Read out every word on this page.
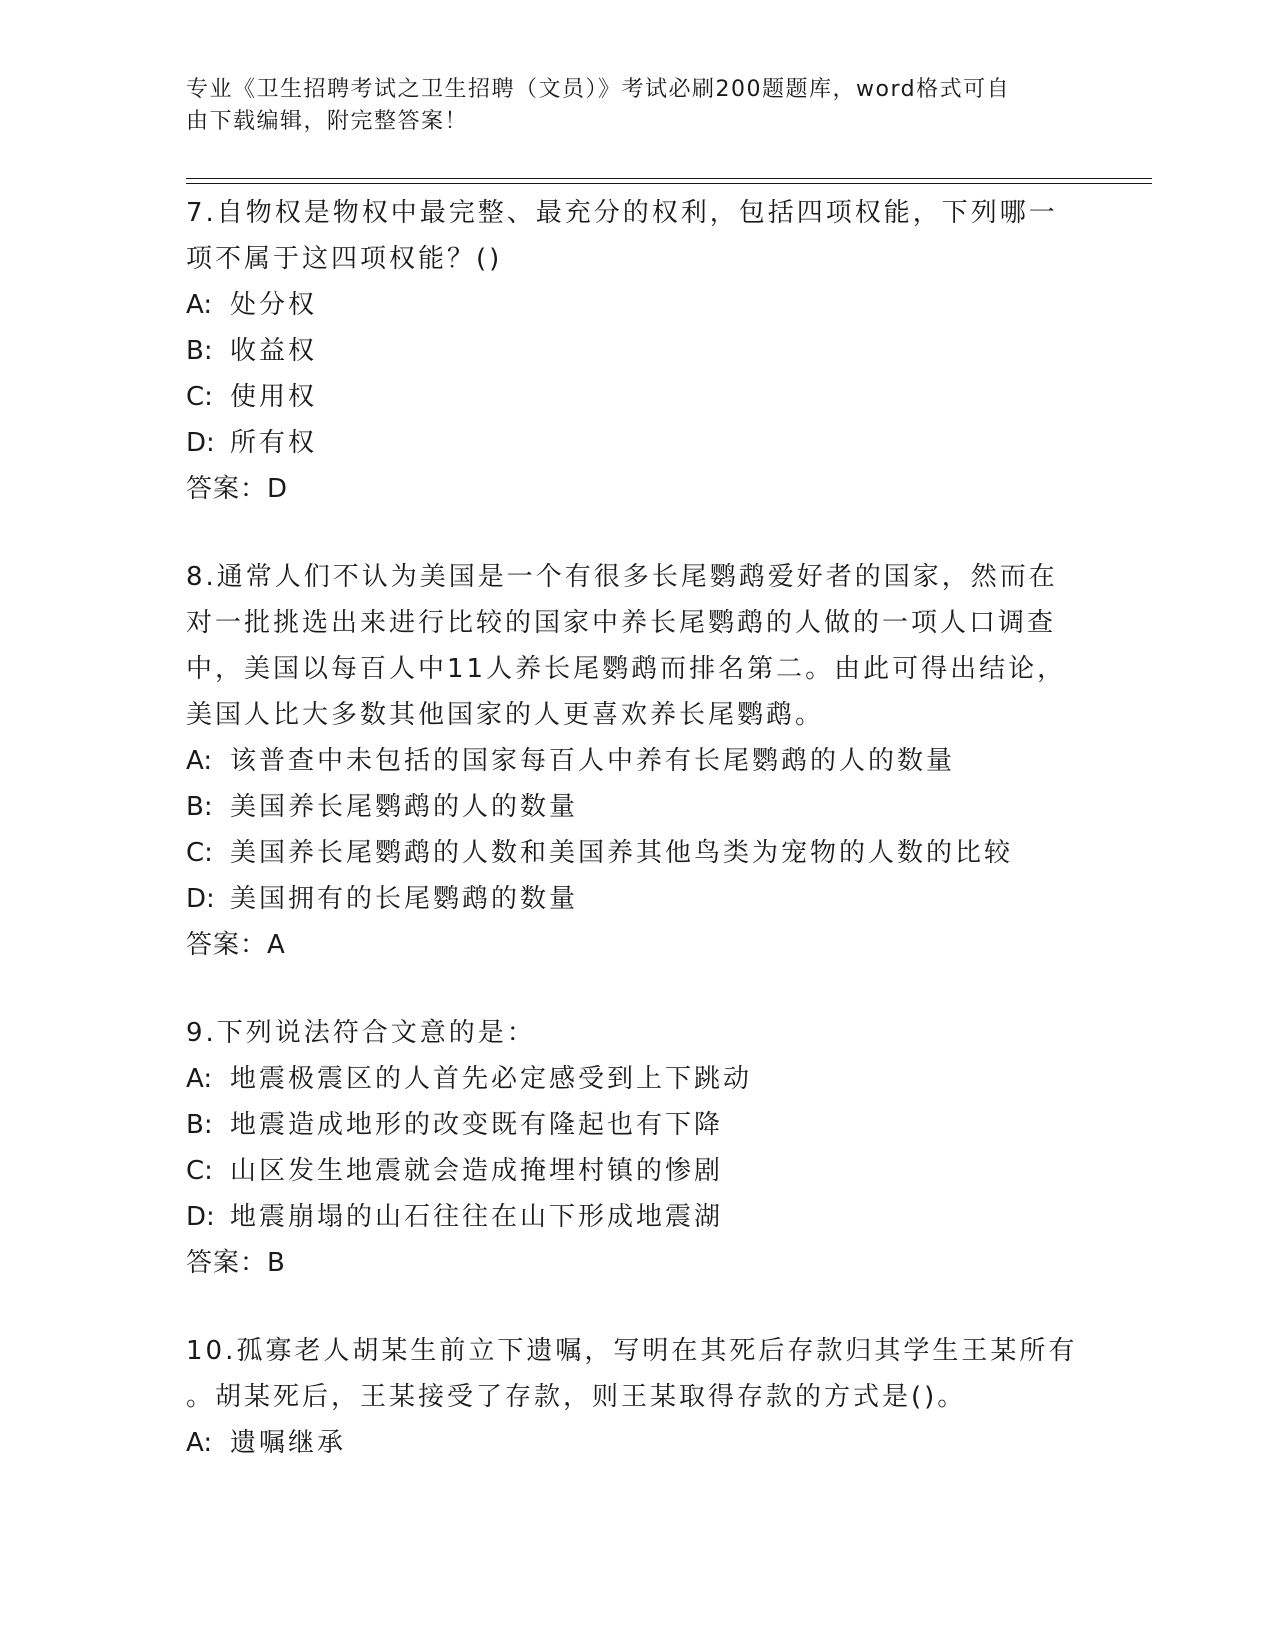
专业《卫生招聘考试之卫生招聘（文员）》考试必刷200题题库，word格式可自
由下载编辑，附完整答案！
7.自物权是物权中最完整、最充分的权利，包括四项权能，下列哪一
项不属于这四项权能？()
A: 处分权
B: 收益权
C: 使用权
D: 所有权
答案：D
8.通常人们不认为美国是一个有很多长尾鹦鹉爱好者的国家，然而在
对一批挑选出来进行比较的国家中养长尾鹦鹉的人做的一项人口调查
中，美国以每百人中11人养长尾鹦鹉而排名第二。由此可得出结论，
美国人比大多数其他国家的人更喜欢养长尾鹦鹉。
A: 该普查中未包括的国家每百人中养有长尾鹦鹉的人的数量
B: 美国养长尾鹦鹉的人的数量
C: 美国养长尾鹦鹉的人数和美国养其他鸟类为宠物的人数的比较
D: 美国拥有的长尾鹦鹉的数量
答案：A
9.下列说法符合文意的是：
A: 地震极震区的人首先必定感受到上下跳动
B: 地震造成地形的改变既有隆起也有下降
C: 山区发生地震就会造成掩埋村镇的惨剧
D: 地震崩塌的山石往往在山下形成地震湖
答案：B
10.孤寡老人胡某生前立下遗嘱，写明在其死后存款归其学生王某所有
。胡某死后，王某接受了存款，则王某取得存款的方式是()。
A: 遗嘱继承
